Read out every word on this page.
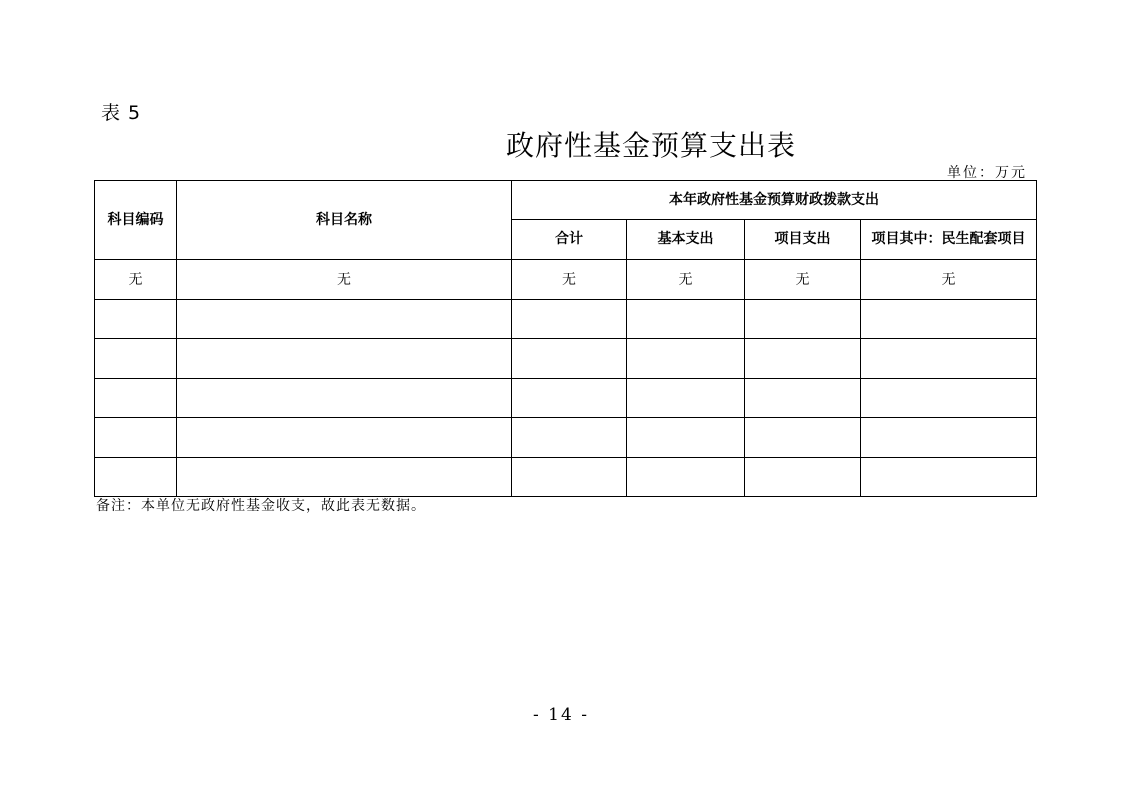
表 5
政府性基金预算支出表
单位：万元
科目编码	科目名称	本年政府性基金预算财政拨款支出			
		合计	基本支出	项目支出	项目其中：民生配套项目
无	无	无	无	无	无

备注：本单位无政府性基金收支，故此表无数据。
- 14 -
